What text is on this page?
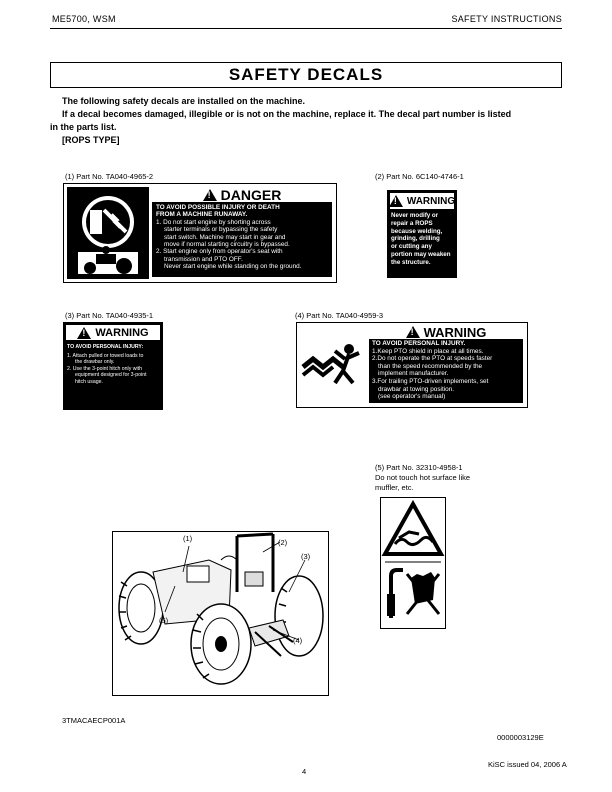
ME5700, WSM	SAFETY INSTRUCTIONS
SAFETY DECALS
The following safety decals are installed on the machine.
If a decal becomes damaged, illegible or is not on the machine, replace it. The decal part number is listed
in the parts list.
[ROPS TYPE]
(1) Part No. TA040-4965-2
!
DANGER
TO AVOID POSSIBLE INJURY OR DEATH
FROM A MACHINE RUNAWAY.
1. Do not start engine by shorting across
starter terminals or bypassing the safety
start switch. Machine may start in gear and
move if normal starting circuitry is bypassed.
2. Start engine only from operator's seat with
transmission and PTO OFF.
Never start engine while standing on the ground.
(2) Part No. 6C140-4746-1
!
WARNING
Never modify or
repair a ROPS
because welding,
grinding, drilling
or cutting any
portion may weaken
the structure.
(3) Part No. TA040-4935-1
!
WARNING
TO AVOID PERSONAL INJURY:
1. Attach pulled or towed loads to
the drawbar only.
2. Use the 3-point hitch only with
equipment designed for 3-point
hitch usage.
(4) Part No. TA040-4959-3
!
WARNING
TO AVOID PERSONAL INJURY.
1.Keep PTO shield in place at all times.
2.Do not operate the PTO at speeds faster
than the speed recommended by the
implement manufacturer.
3.For trailing PTO-driven implements, set
drawbar at towing position.
(see operator's manual)
(5) Part No. 32310-4958-1
Do not touch hot surface like
muffler, etc.
(1)	(2)
(3)
(4)
(5)
3TMACAECP001A
0000003129E
4
KiSC issued 04, 2006 A
